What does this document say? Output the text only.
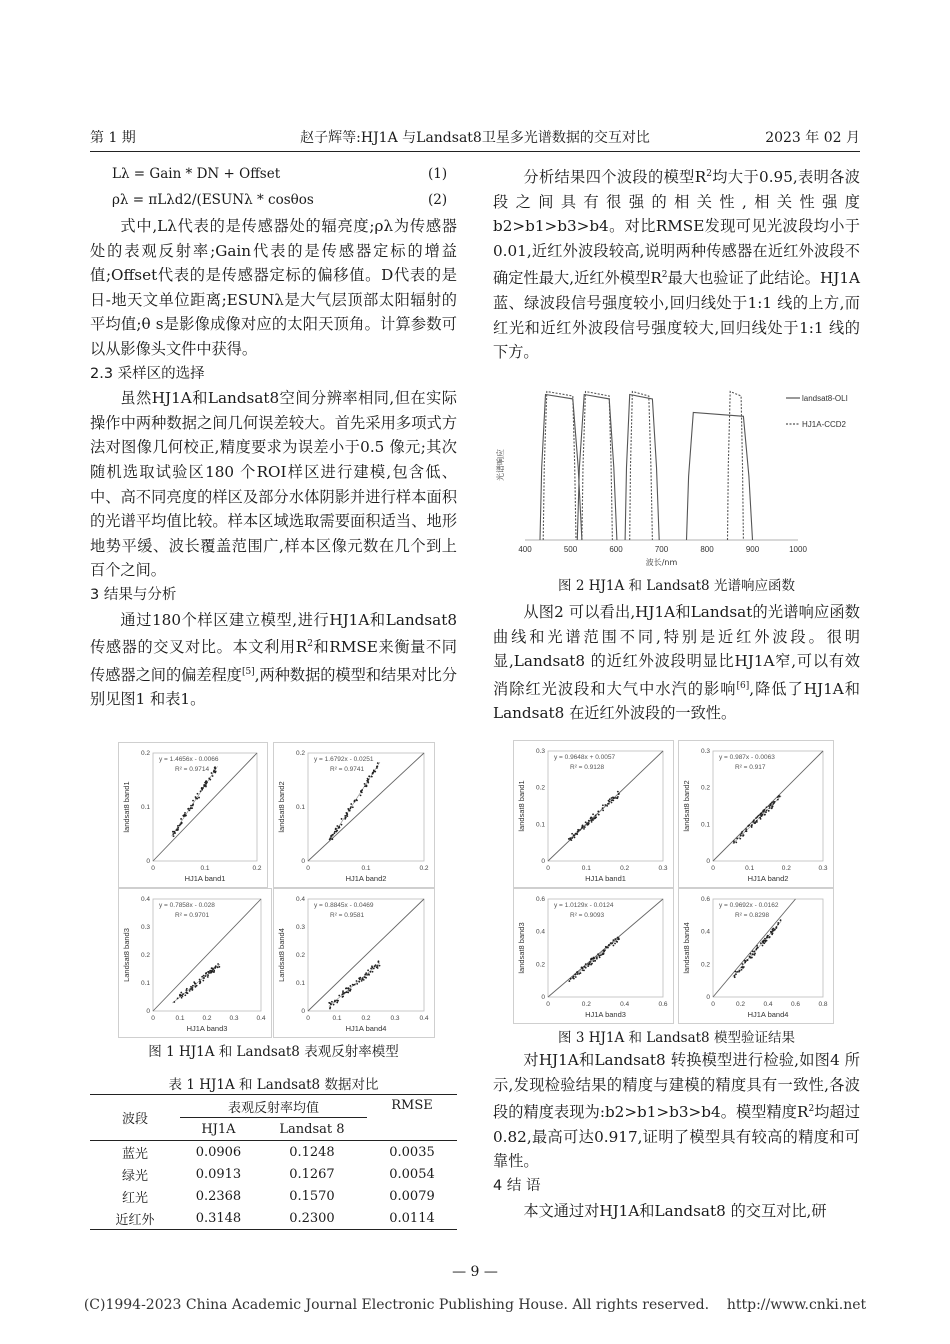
第 1 期	赵子辉等:HJ1A 与Landsat8卫星多光谱数据的交互对比	2023 年 02 月
Lλ = Gain * DN + Offset	(1)
ρλ = πLλd2/(ESUNλ * cosθos	(2)

式中,Lλ代表的是传感器处的辐亮度;ρλ为传感器处的表观反射率;Gain代表的是传感器定标的增益值;Offset代表的是传感器定标的偏移值。D代表的是日-地天文单位距离;ESUNλ是大气层顶部太阳辐射的平均值;θ s是影像成像对应的太阳天顶角。计算参数可以从影像头文件中获得。

2.3 采样区的选择

虽然HJ1A和Landsat8空间分辨率相同,但在实际操作中两种数据之间几何误差较大。首先采用多项式方法对图像几何校正,精度要求为误差小于0.5 像元;其次随机选取试验区180 个ROI样区进行建模,包含低、中、高不同亮度的样区及部分水体阴影并进行样本面积的光谱平均值比较。样本区域选取需要面积适当、地形地势平缓、波长覆盖范围广,样本区像元数在几个到上百个之间。

3 结果与分析

通过180个样区建立模型,进行HJ1A和Landsat8 传感器的交叉对比。本文利用$R^2$和RMSE来衡量不同传感器之间的偏差程度[5],两种数据的模型和结果对比分别见图1 和表1。

0	0.1	0.2
0.2
0.1
0
HJ1A band1
landsat8 band1
y = 1.4656x - 0.0066
R² = 0.9714
0	0.1	0.2
0.2
0.1
0
HJ1A band2
landsat8 band2
y = 1.6792x - 0.0251
R² = 0.9741
0	0.1	0.2	0.3	0.4
0.4
0.3
0.2
0.1
0
HJ1A band3
Landsat8 band3
y = 0.7858x - 0.028
R² = 0.9701
0	0.1	0.2	0.3	0.4
0.4
0.3
0.2
0.1
0
HJ1A band4
Landsat8 band4
y = 0.8845x - 0.0469
R² = 0.9581
图 1 HJ1A 和 Landsat8 表观反射率模型
表 1 HJ1A 和 Landsat8 数据对比
波段	表观反射率均值		RMSE
	HJ1A	Landsat 8	
蓝光	0.0906	0.1248	0.0035
绿光	0.0913	0.1267	0.0054
红光	0.2368	0.1570	0.0079
近红外	0.3148	0.2300	0.0114

分析结果四个波段的模型$R^2$均大于0.95,表明各波段之间具有很强的相关性,相关性强度b2>b1>b3>b4。对比RMSE发现可见光波段均小于0.01,近红外波段较高,说明两种传感器在近红外波段不确定性最大,近红外模型$R^2$最大也验证了此结论。HJ1A蓝、绿波段信号强度较小,回归线处于1:1 线的上方,而红光和近红外波段信号强度较大,回归线处于1:1 线的下方。

400	500	600	700	800	900	1000
波长/nm
光谱响应
landsat8-OLI
HJ1A-CCD2
图 2 HJ1A 和 Landsat8 光谱响应函数

从图2 可以看出,HJ1A和Landsat的光谱响应函数曲线和光谱范围不同,特别是近红外波段。很明显,Landsat8 的近红外波段明显比HJ1A窄,可以有效消除红光波段和大气中水汽的影响[6],降低了HJ1A和Landsat8 在近红外波段的一致性。

0	0.1	0.2	0.3
0.3
0.2
0.1
0
HJ1A band1
landsat8 band1
y = 0.9648x + 0.0057
R² = 0.9128
0	0.1	0.2	0.3
0.3
0.2
0.1
0
HJ1A band2
landsat8 band2
y = 0.987x - 0.0063
R² = 0.917
0	0.2	0.4	0.6
0.6
0.4
0.2
0
HJ1A band3
landsat8 band3
y = 1.0129x - 0.0124
R² = 0.9093
0	0.2	0.4	0.6	0.8
0.6
0.4
0.2
0
HJ1A band4
landsat8 band4
y = 0.9692x - 0.0162
R² = 0.8298
图 3 HJ1A 和 Landsat8 模型验证结果

对HJ1A和Landsat8 转换模型进行检验,如图4 所示,发现检验结果的精度与建模的精度具有一致性,各波段的精度表现为:b2>b1>b3>b4。模型精度$R^2$均超过0.82,最高可达0.917,证明了模型具有较高的精度和可靠性。

4 结 语

本文通过对HJ1A和Landsat8 的交互对比,研

— 9 —
(C)1994-2023 China Academic Journal Electronic Publishing House. All rights reserved.    http://www.cnki.net
